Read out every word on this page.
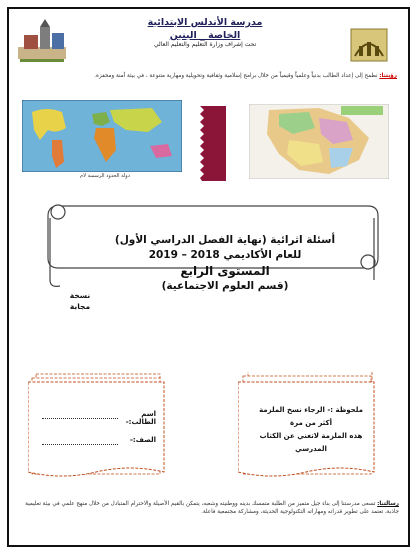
مدرسة الأندلس الابتدائية
الخاصة _ البنين
تحت إشراف وزارة التعليم والتعليم العالي
رؤيتنا: نطمح إلى إعداد الطالب بدنياً وعلمياً وقيمياً من خلال برامج إسلامية وثقافية وتحويلية ومهارية متنوعة ، في بيئة آمنة ومحفزة.
دولة الحدود الرسمية لام
أسئلة اثرائية (نهاية الفصل الدراسي الأول)
للعام الأكاديمي 2018 – 2019
المستوى الرابع
(قسم العلوم الاجتماعية)
نسخة
مجابة
اسم الطالب:-
الصف:-
ملحوظة :- الرجاء نسخ الملزمة
أكثر من مرة
هذه الملزمة لاتغني عن الكتاب
المدرسي
رسالتنا: تسعى مدرستنا إلى بناء جيل متميز من الطلبة متمسك بدينه ووطنيته وشعبه، يتمكن بالقيم الأصيلة والاحترام المتبادل من خلال منهج علمي في بيئة تعليمية جاذبة، تعتمد على تطوير قدراته ومهاراته التكنولوجية الحديثة، ومشاركة مجتمعية فاعلة.
